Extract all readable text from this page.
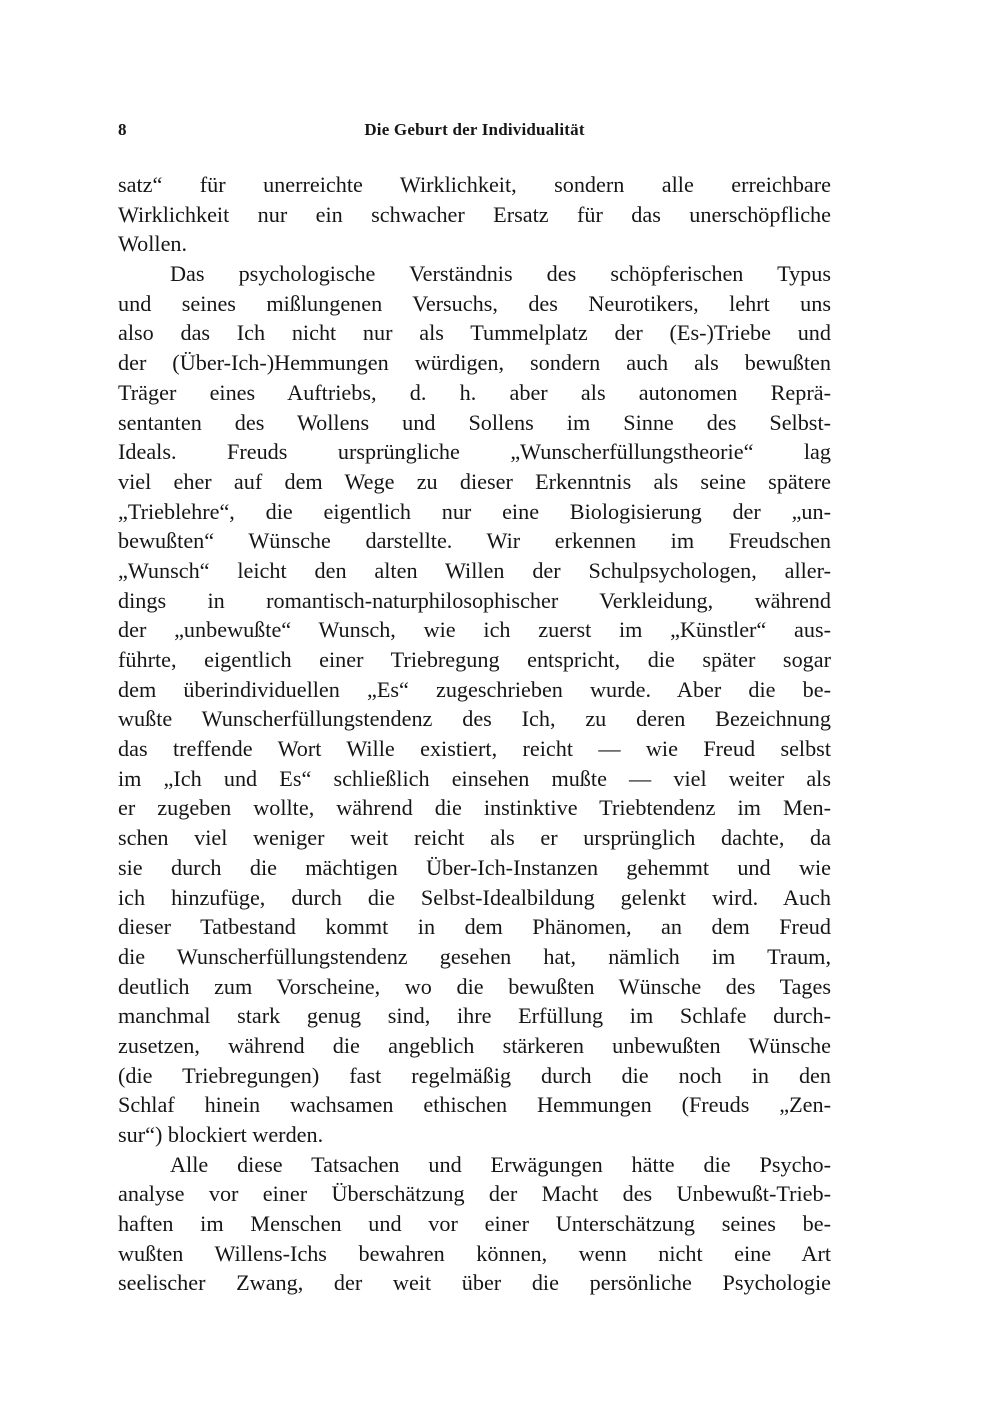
8	Die Geburt der Individualität
satz“ für unerreichte Wirklichkeit, sondern alle erreichbare
Wirklichkeit nur ein schwacher Ersatz für das unerschöpfliche
Wollen.
Das psychologische Verständnis des schöpferischen Typus
und seines mißlungenen Versuchs, des Neurotikers, lehrt uns
also das Ich nicht nur als Tummelplatz der (Es-)Triebe und
der (Über-Ich-)Hemmungen würdigen, sondern auch als bewußten
Träger eines Auftriebs, d. h. aber als autonomen Reprä-
sentanten des Wollens und Sollens im Sinne des Selbst-
Ideals. Freuds ursprüngliche „Wunscherfüllungstheorie“ lag
viel eher auf dem Wege zu dieser Erkenntnis als seine spätere
„Trieblehre“, die eigentlich nur eine Biologisierung der „un-
bewußten“ Wünsche darstellte. Wir erkennen im Freudschen
„Wunsch“ leicht den alten Willen der Schulpsychologen, aller-
dings in romantisch-naturphilosophischer Verkleidung, während
der „unbewußte“ Wunsch, wie ich zuerst im „Künstler“ aus-
führte, eigentlich einer Triebregung entspricht, die später sogar
dem überindividuellen „Es“ zugeschrieben wurde. Aber die be-
wußte Wunscherfüllungstendenz des Ich, zu deren Bezeichnung
das treffende Wort Wille existiert, reicht — wie Freud selbst
im „Ich und Es“ schließlich einsehen mußte — viel weiter als
er zugeben wollte, während die instinktive Triebtendenz im Men-
schen viel weniger weit reicht als er ursprünglich dachte, da
sie durch die mächtigen Über-Ich-Instanzen gehemmt und wie
ich hinzufüge, durch die Selbst-Idealbildung gelenkt wird. Auch
dieser Tatbestand kommt in dem Phänomen, an dem Freud
die Wunscherfüllungstendenz gesehen hat, nämlich im Traum,
deutlich zum Vorscheine, wo die bewußten Wünsche des Tages
manchmal stark genug sind, ihre Erfüllung im Schlafe durch-
zusetzen, während die angeblich stärkeren unbewußten Wünsche
(die Triebregungen) fast regelmäßig durch die noch in den
Schlaf hinein wachsamen ethischen Hemmungen (Freuds „Zen-
sur“) blockiert werden.
Alle diese Tatsachen und Erwägungen hätte die Psycho-
analyse vor einer Überschätzung der Macht des Unbewußt-Trieb-
haften im Menschen und vor einer Unterschätzung seines be-
wußten Willens-Ichs bewahren können, wenn nicht eine Art
seelischer Zwang, der weit über die persönliche Psychologie
